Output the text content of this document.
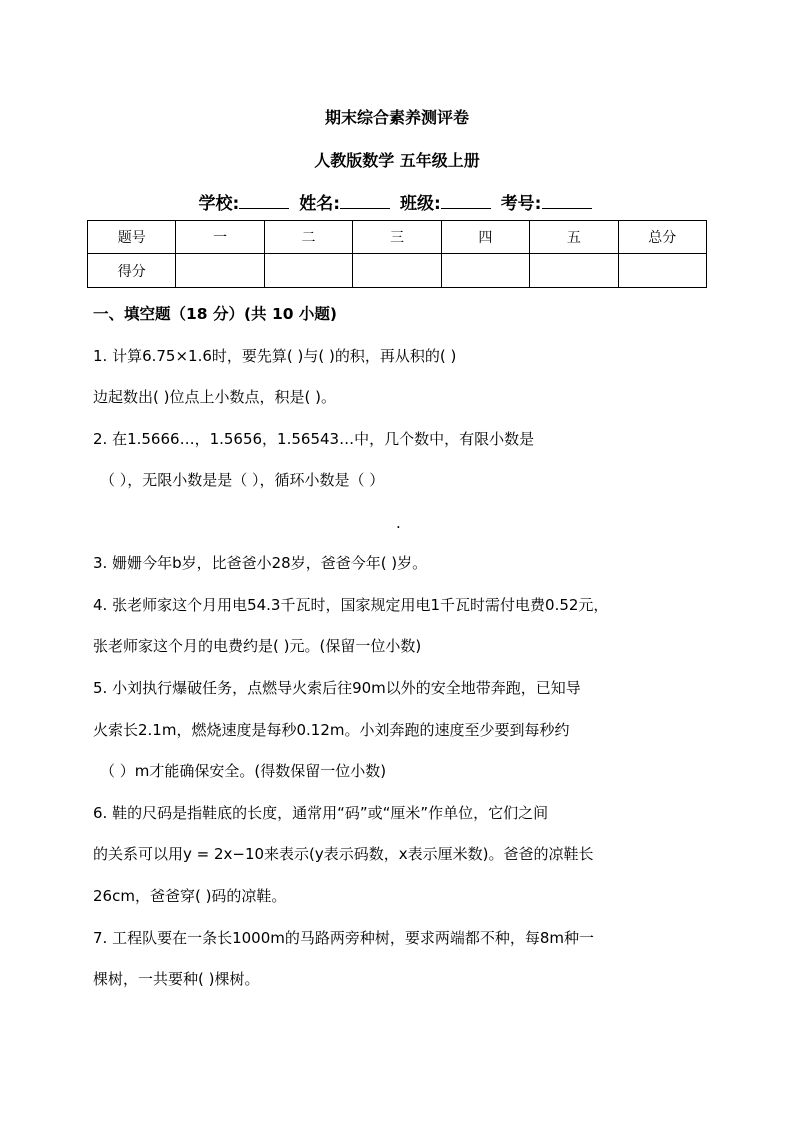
期末综合素养测评卷
人教版数学 五年级上册
学校:	姓名:	班级:	考号:
题号	一	二	三	四	五	总分
得分						
一、填空题（18 分）(共 10 小题)
1. 计算6.75×1.6时，要先算( )与( )的积，再从积的( )
边起数出( )位点上小数点，积是( )。
2. 在1.5666…，1.5656，1.56543…中，几个数中，有限小数是
（ ），无限小数是是（ ），循环小数是（ ）
.
3. 姗姗今年b岁，比爸爸小28岁，爸爸今年( )岁。
4. 张老师家这个月用电54.3千瓦时，国家规定用电1千瓦时需付电费0.52元，
张老师家这个月的电费约是( )元。(保留一位小数)
5. 小刘执行爆破任务，点燃导火索后往90m以外的安全地带奔跑，已知导
火索长2.1m，燃烧速度是每秒0.12m。小刘奔跑的速度至少要到每秒约
（ ）m才能确保安全。(得数保留一位小数)
6. 鞋的尺码是指鞋底的长度，通常用“码”或“厘米”作单位，它们之间
的关系可以用y = 2x−10来表示(y表示码数，x表示厘米数)。爸爸的凉鞋长
26cm，爸爸穿( )码的凉鞋。
7. 工程队要在一条长1000m的马路两旁种树，要求两端都不种，每8m种一
棵树，一共要种( )棵树。
